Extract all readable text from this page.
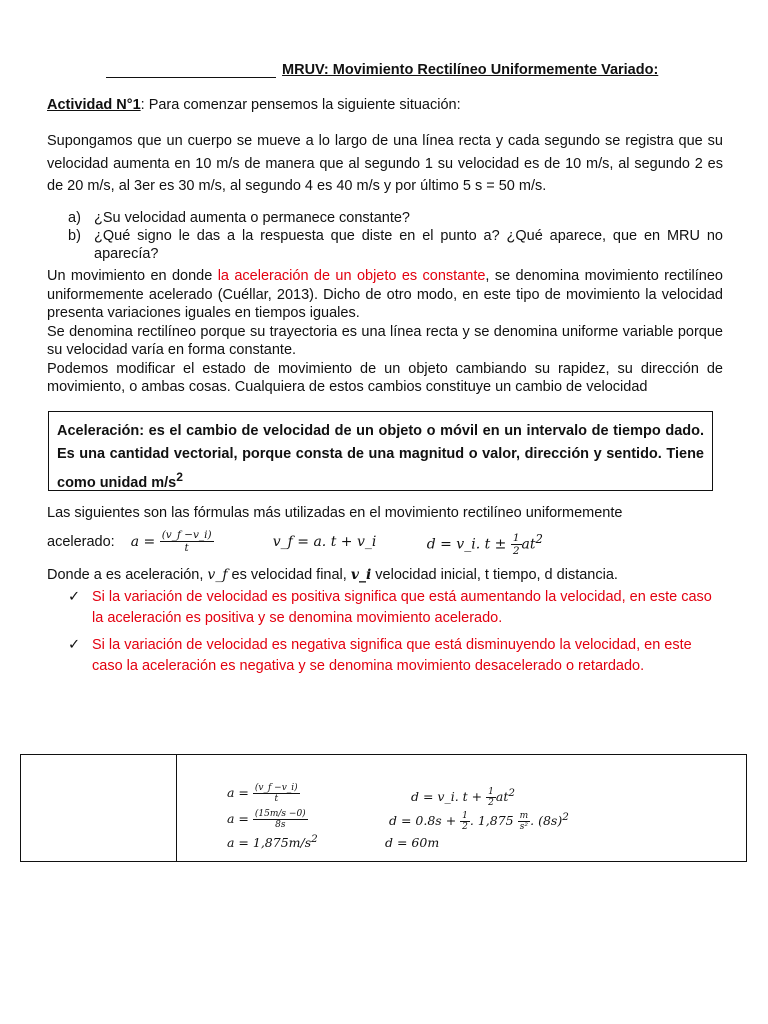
MRUV: Movimiento Rectilíneo Uniformemente Variado:
Actividad N°1: Para comenzar pensemos la siguiente situación:
Supongamos que un cuerpo se mueve a lo largo de una línea recta y cada segundo se registra que su velocidad aumenta en 10 m/s de manera que al segundo 1 su velocidad es de 10 m/s, al segundo 2 es de 20 m/s, al 3er es 30 m/s, al segundo 4 es 40 m/s y por último 5 s = 50 m/s.
a) ¿Su velocidad aumenta o permanece constante?
b) ¿Qué signo le das a la respuesta que diste en el punto a? ¿Qué aparece, que en MRU no aparecía?
Un movimiento en donde la aceleración de un objeto es constante, se denomina movimiento rectilíneo uniformemente acelerado (Cuéllar, 2013). Dicho de otro modo, en este tipo de movimiento la velocidad presenta variaciones iguales en tiempos iguales.
Se denomina rectilíneo porque su trayectoria es una línea recta y se denomina uniforme variable porque su velocidad varía en forma constante.
Podemos modificar el estado de movimiento de un objeto cambiando su rapidez, su dirección de movimiento, o ambas cosas. Cualquiera de estos cambios constituye un cambio de velocidad

Aceleración: es el cambio de velocidad de un objeto o móvil en un intervalo de tiempo dado. Es una cantidad vectorial, porque consta de una magnitud o valor, dirección y sentido. Tiene como unidad $m/s^2$

Las siguientes son las fórmulas más utilizadas en el movimiento rectilíneo uniformemente
acelerado: $a = \frac{(v\_f -v\_i)}{t}$	v_f = a. t + v_i	d = v_i. $t \pm \frac{1}{2} at^2$
Donde a es aceleración, v_f es velocidad final, v_i velocidad inicial, t tiempo, d distancia.
✓ Si la variación de velocidad es positiva significa que está aumentando la velocidad, en este caso la aceleración es positiva y se denomina movimiento acelerado.
✓ Si la variación de velocidad es negativa significa que está disminuyendo la velocidad, en este caso la aceleración es negativa y se denomina movimiento desacelerado o retardado.
$a = \frac{(v\_f -v\_i)}{t}$
$a = \frac{(15m/s -0)}{8s}$
$a = 1,875m/s^2$
d = v_i. $t + \frac{1}{2} at^2$
$d = 0.8s + \frac{1}{2}$ . $1,875 \frac{m}{\text{s²}}$ . $(8s)^2$
d = 60m
